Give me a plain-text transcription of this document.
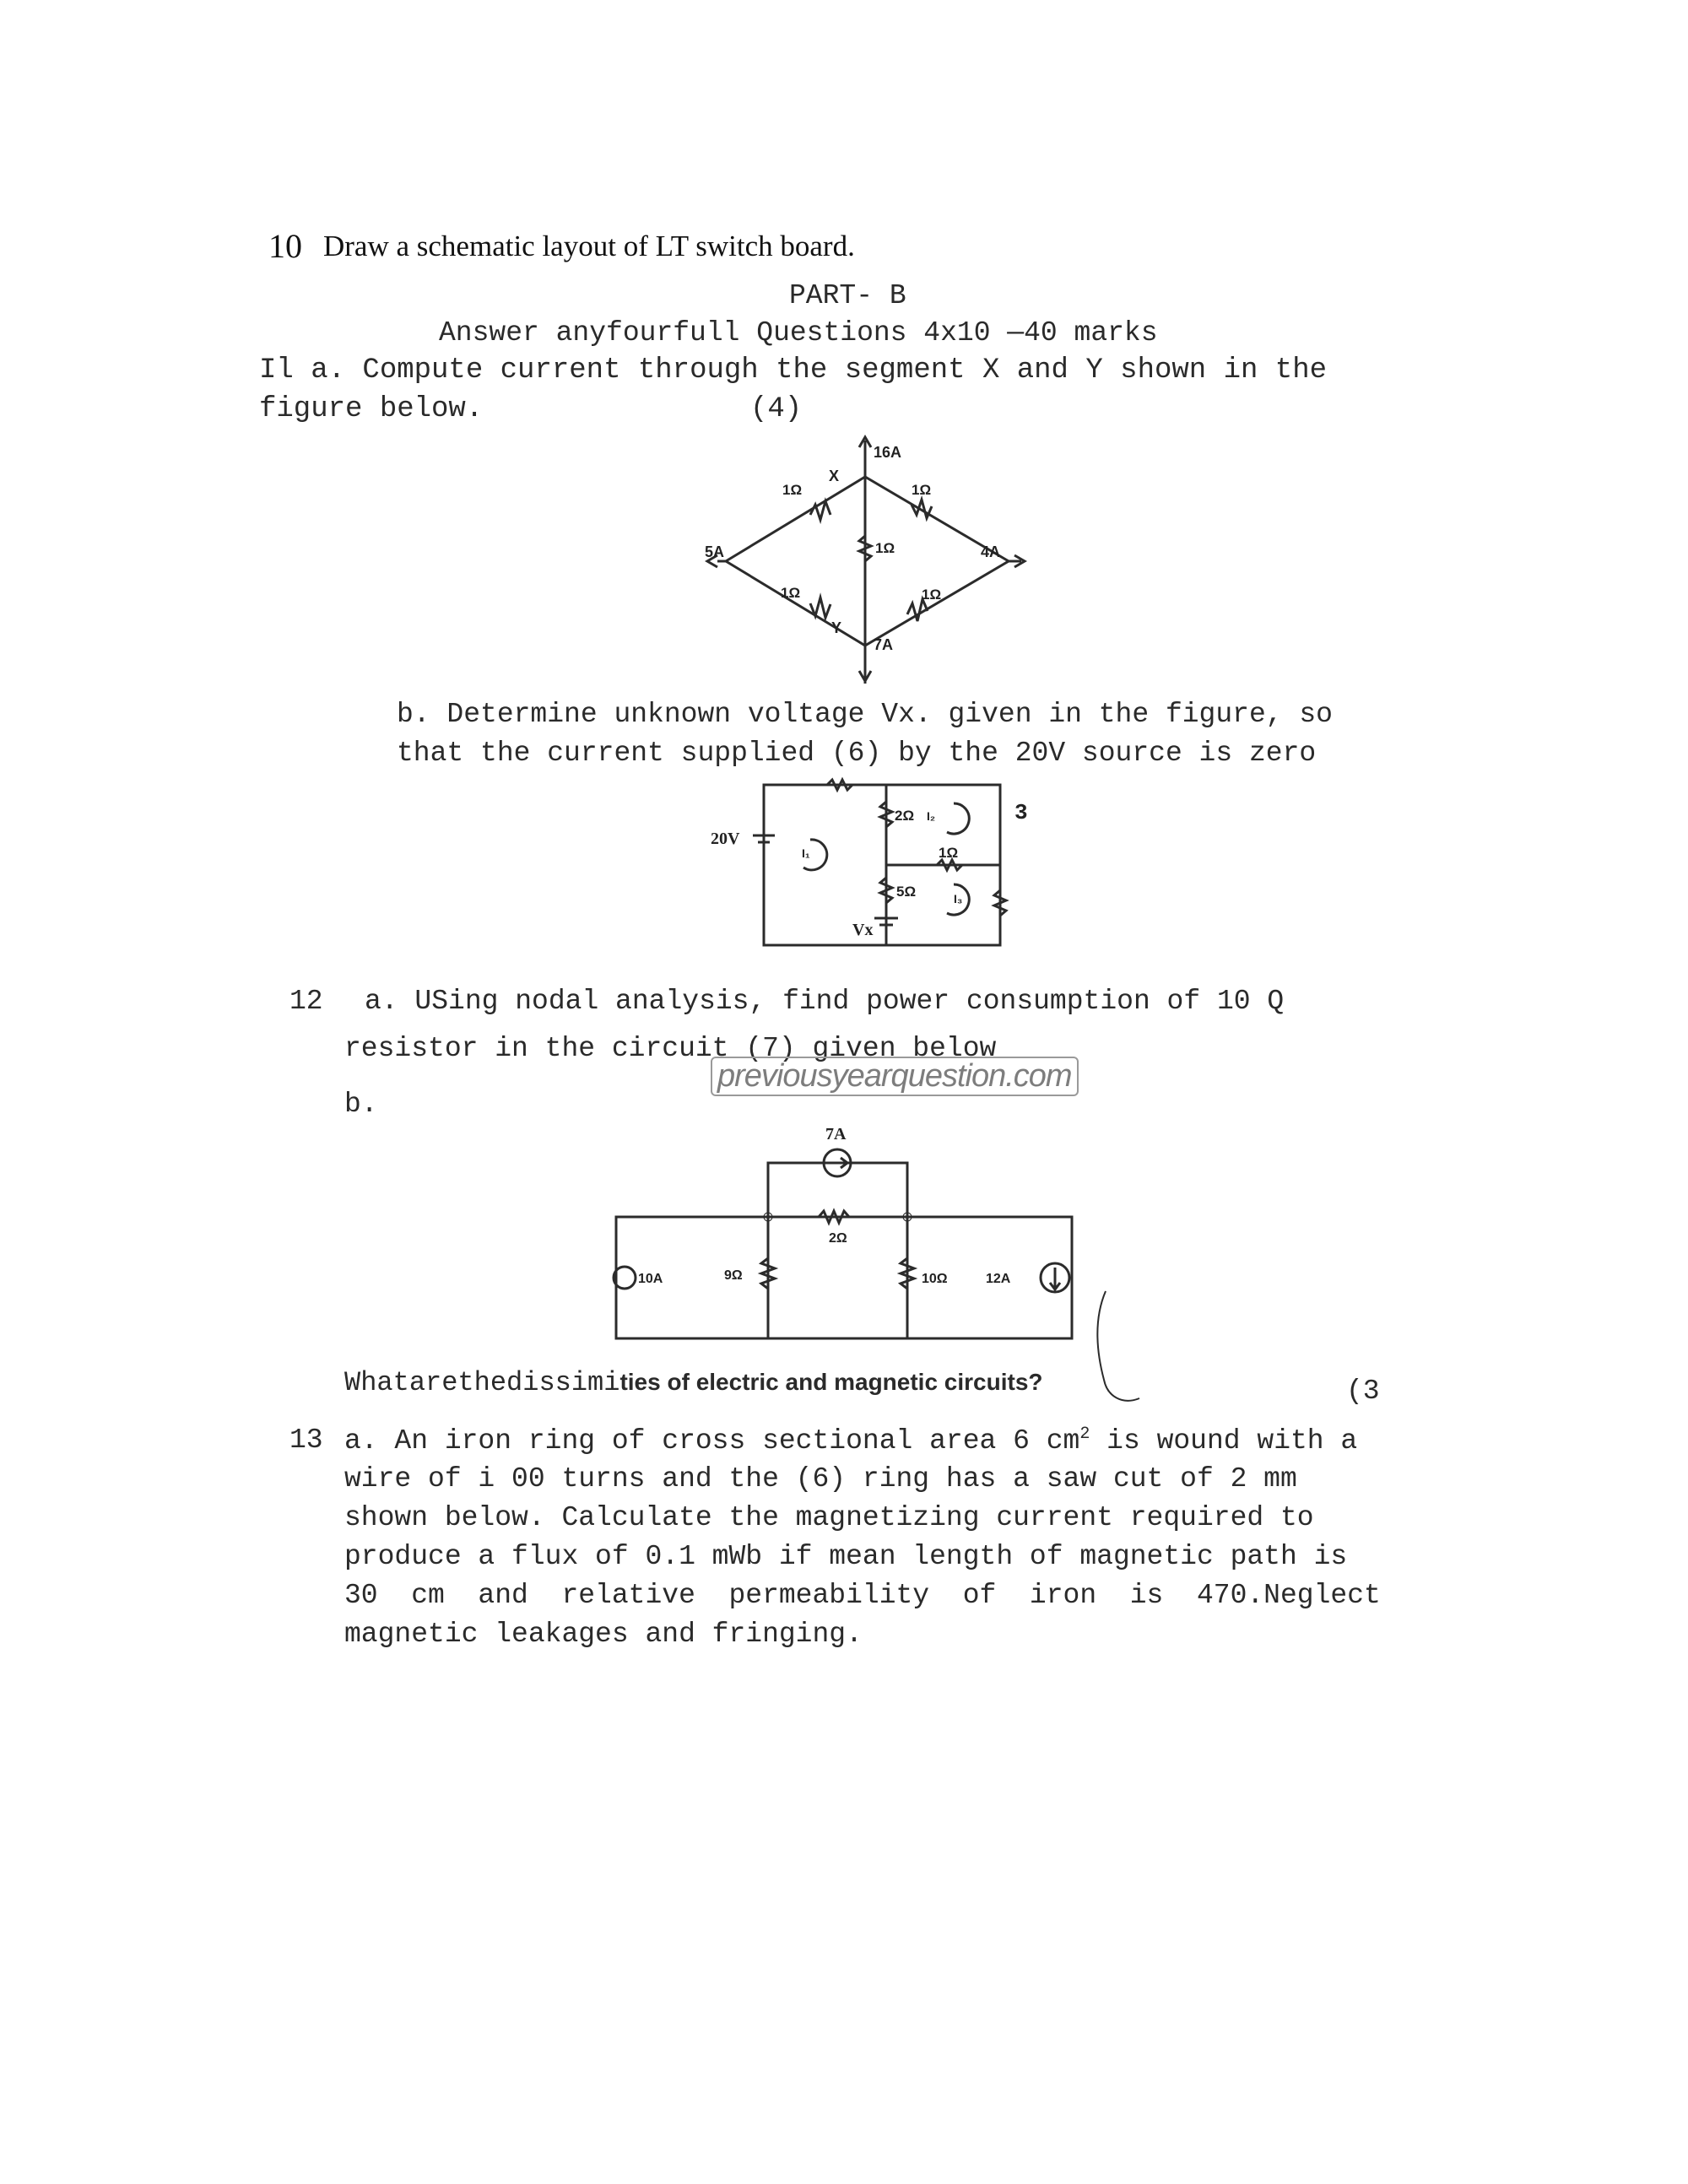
10 Draw a schematic layout of LT switch board.
PART- B
Answer anyfourfull Questions 4x10 —40 marks
Il a. Compute current through the segment X and Y shown in the
figure below.	(4)
16A
5A	4A
7A
1Ω	1Ω
1Ω
1Ω	1Ω
X
Y
b. Determine unknown voltage Vx. given in the figure, so
that the current supplied (6) by the 20V source is zero
20V
2Ω
1Ω
5Ω
3
Vx
I₁
I₂
I₃
12 a. USing nodal analysis, find power consumption of 10 Q
resistor in the circuit (7) given below
previousyearquestion.com
b.
7A
10A	9Ω
2Ω
10Ω	12A
Whatarethedissimities of electric and magnetic circuits?	(3
13 a. An iron ring of cross sectional area 6 $cm^2$ is wound with a
wire of i 00 turns and the (6) ring has a saw cut of 2 mm
shown below. Calculate the magnetizing current required to
produce a flux of 0.1 mWb if mean length of magnetic path is
30  cm  and  relative  permeability  of  iron  is  470.Neglect
magnetic leakages and fringing.
